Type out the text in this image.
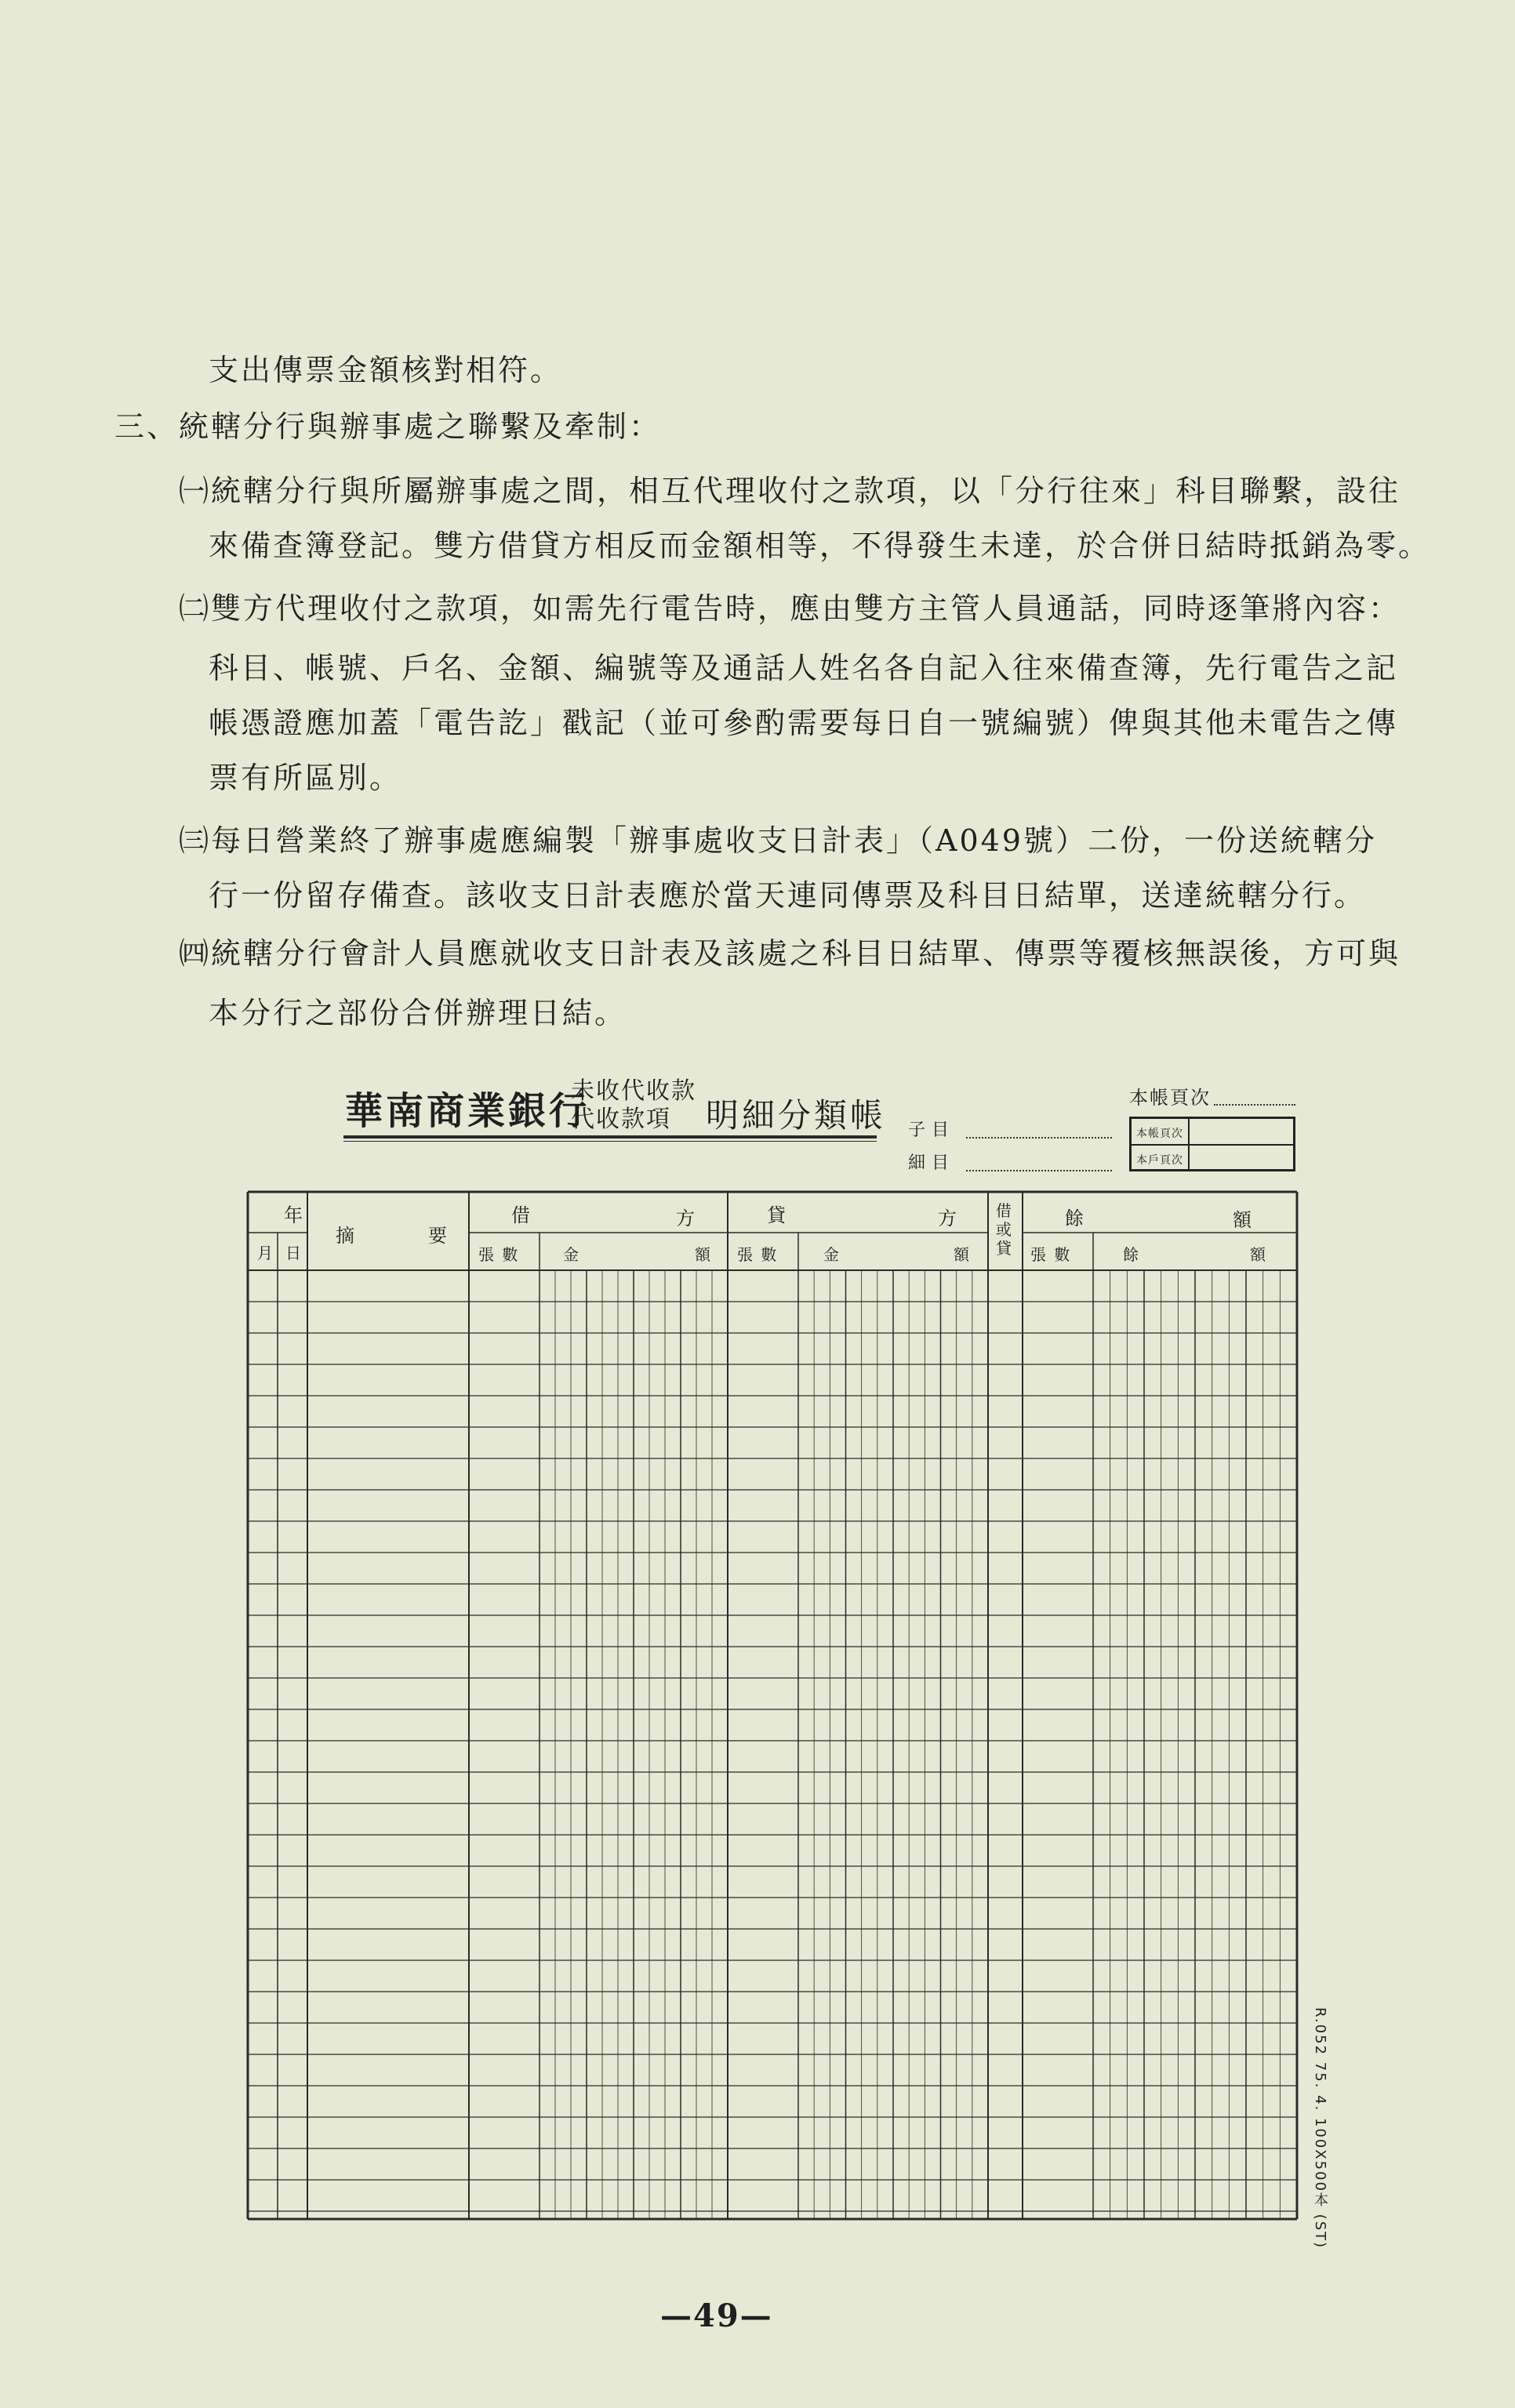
支出傳票金額核對相符。
三、統轄分行與辦事處之聯繫及牽制：
㈠統轄分行與所屬辦事處之間，相互代理收付之款項，以「分行往來」科目聯繫，設往
來備查簿登記。雙方借貸方相反而金額相等，不得發生未達，於合併日結時抵銷為零。
㈡雙方代理收付之款項，如需先行電告時，應由雙方主管人員通話，同時逐筆將內容：
科目、帳號、戶名、金額、編號等及通話人姓名各自記入往來備查簿，先行電告之記
帳憑證應加蓋「電告訖」戳記（並可參酌需要每日自一號編號）俾與其他未電告之傳
票有所區別。
㈢每日營業終了辦事處應編製「辦事處收支日計表」（A049號）二份，一份送統轄分
行一份留存備查。該收支日計表應於當天連同傳票及科目日結單，送達統轄分行。
㈣統轄分行會計人員應就收支日計表及該處之科目日結單、傳票等覆核無誤後，方可與
本分行之部份合併辦理日結。
華南商業銀行
未收代收款
代收款項	明細分類帳 子目
細目
本帳頁次
本帳頁次
本戶頁次
年
月 日
摘	要
借	方
張 數	金	額
貸	方
張 數	金	額
借
或
貸
餘	額
張 數	餘	額
R.052 75. 4. 100X500本 (ST)
—49—
